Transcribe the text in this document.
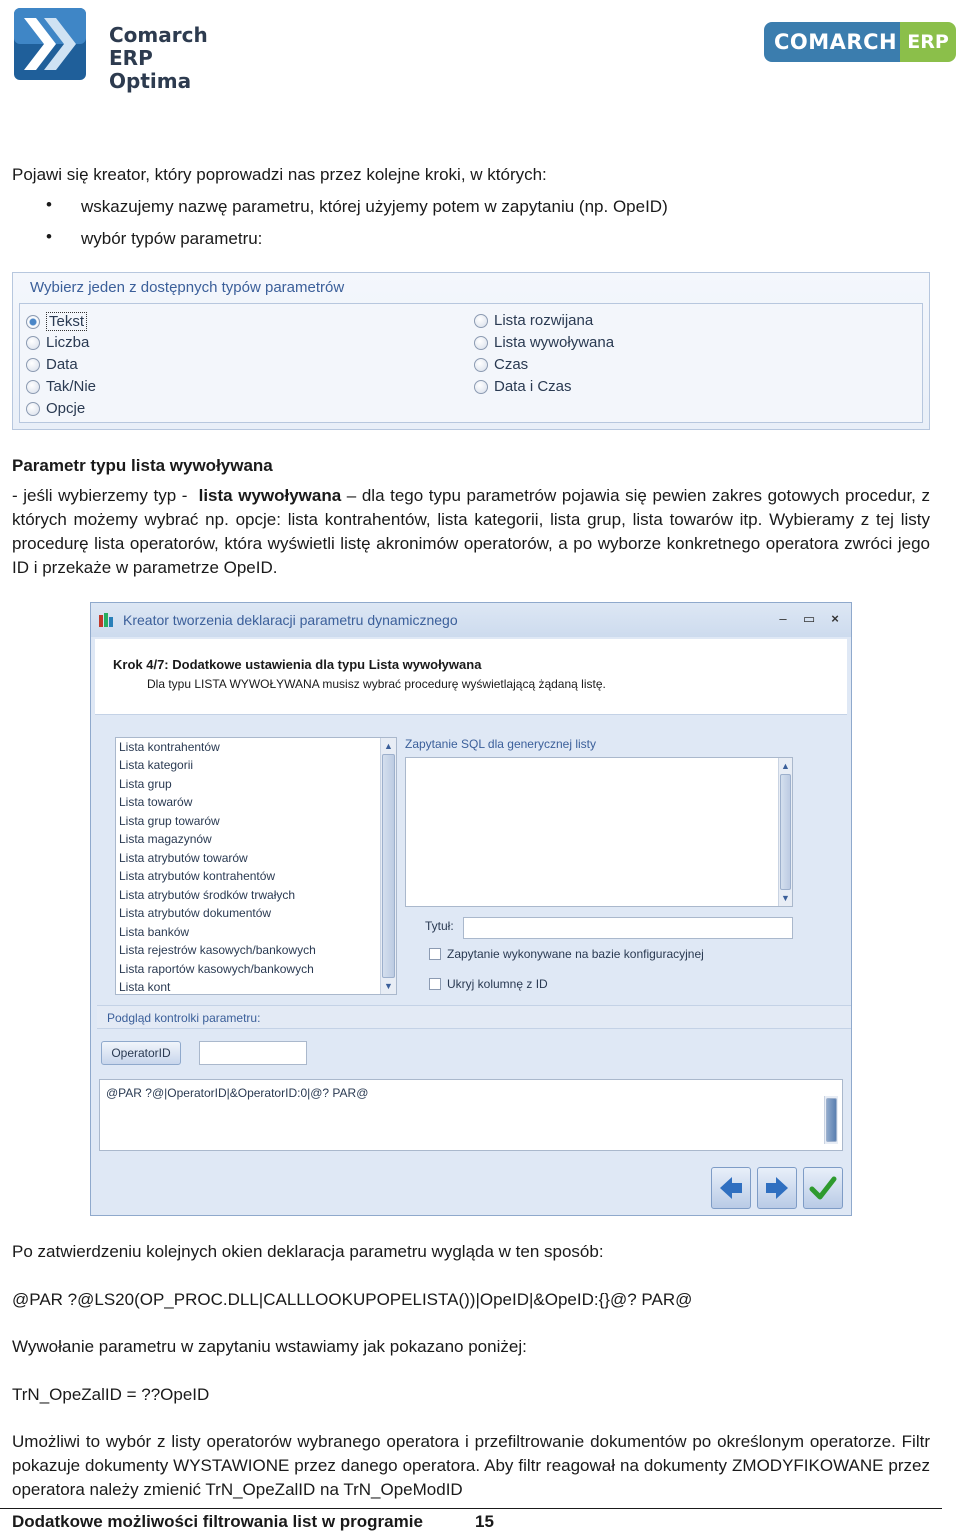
Comarch ERP
Optima
COMARCH ERP
Pojawi się kreator, który poprowadzi nas przez kolejne kroki, w których:
• wskazujemy nazwę parametru, której użyjemy potem w zapytaniu (np. OpeID)
• wybór typów parametru:
Wybierz jeden z dostępnych typów parametrów
Tekst
Liczba
Data
Tak/Nie
Opcje
Lista rozwijana
Lista wywoływana
Czas
Data i Czas
Parametr typu lista wywoływana
- jeśli wybierzemy typ - lista wywoływana – dla tego typu parametrów pojawia się pewien zakres gotowych procedur, z których możemy wybrać np. opcje: lista kontrahentów, lista kategorii, lista grup, lista towarów itp. Wybieramy z tej listy procedurę lista operatorów, która wyświetli listę akronimów operatorów, a po wyborze konkretnego operatora zwróci jego ID i przekaże w parametrze OpeID.
Kreator tworzenia deklaracji parametru dynamicznego	–	▭	×
Krok 4/7: Dodatkowe ustawienia dla typu Lista wywoływana
Dla typu LISTA WYWOŁYWANA musisz wybrać procedurę wyświetlającą żądaną listę.
Lista kontrahentów
Lista kategorii
Lista grup
Lista towarów
Lista grup towarów
Lista magazynów
Lista atrybutów towarów
Lista atrybutów kontrahentów
Lista atrybutów środków trwałych
Lista atrybutów dokumentów
Lista banków
Lista rejestrów kasowych/bankowych
Lista raportów kasowych/bankowych
Lista kont
▲
▼
Zapytanie SQL dla generycznej listy
▲
▼
Tytuł:
Zapytanie wykonywane na bazie konfiguracyjnej
Ukryj kolumnę z ID
Podgląd kontrolki parametru:
OperatorID
@PAR ?@|OperatorID|&OperatorID:0|@? PAR@
Po zatwierdzeniu kolejnych okien deklaracja parametru wygląda w ten sposób:
@PAR ?@LS20(OP_PROC.DLL|CALLLOOKUPOPELISTA())|OpeID|&OpeID:{}@? PAR@
Wywołanie parametru w zapytaniu wstawiamy jak pokazano poniżej:
TrN_OpeZalID = ??OpeID
Umożliwi to wybór z listy operatorów wybranego operatora i przefiltrowanie dokumentów po określonym operatorze. Filtr pokazuje dokumenty WYSTAWIONE przez danego operatora. Aby filtr reagował na dokumenty ZMODYFIKOWANE przez operatora należy zmienić TrN_OpeZalID na TrN_OpeModID
Dodatkowe możliwości filtrowania list w programie	15
